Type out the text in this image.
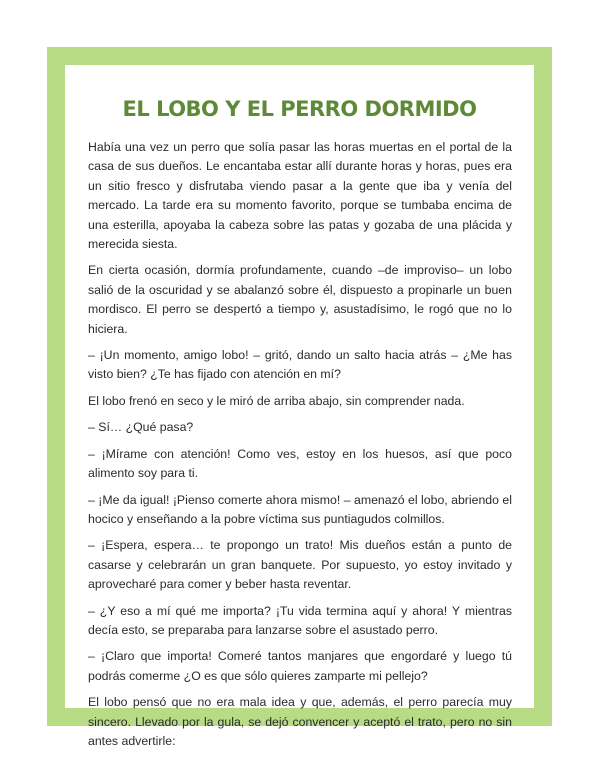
EL LOBO Y EL PERRO DORMIDO

Había una vez un perro que solía pasar las horas muertas en el portal de la casa de sus dueños. Le encantaba estar allí durante horas y horas, pues era un sitio fresco y disfrutaba viendo pasar a la gente que iba y venía del mercado. La tarde era su momento favorito, porque se tumbaba encima de una esterilla, apoyaba la cabeza sobre las patas y gozaba de una plácida y merecida siesta.

En cierta ocasión, dormía profundamente, cuando –de improviso– un lobo salió de la oscuridad y se abalanzó sobre él, dispuesto a propinarle un buen mordisco. El perro se despertó a tiempo y, asustadísimo, le rogó que no lo hiciera.

– ¡Un momento, amigo lobo! – gritó, dando un salto hacia atrás – ¿Me has visto bien? ¿Te has fijado con atención en mí?

El lobo frenó en seco y le miró de arriba abajo, sin comprender nada.

– Sí… ¿Qué pasa?

– ¡Mírame con atención! Como ves, estoy en los huesos, así que poco alimento soy para ti.

– ¡Me da igual! ¡Pienso comerte ahora mismo! – amenazó el lobo, abriendo el hocico y enseñando a la pobre víctima sus puntiagudos colmillos.

– ¡Espera, espera… te propongo un trato! Mis dueños están a punto de casarse y celebrarán un gran banquete. Por supuesto, yo estoy invitado y aprovecharé para comer y beber hasta reventar.

– ¿Y eso a mí qué me importa? ¡Tu vida termina aquí y ahora! Y mientras decía esto, se preparaba para lanzarse sobre el asustado perro.

– ¡Claro que importa! Comeré tantos manjares que engordaré y luego tú podrás comerme ¿O es que sólo quieres zamparte mi pellejo?

El lobo pensó que no era mala idea y que, además, el perro parecía muy sincero. Llevado por la gula, se dejó convencer y aceptó el trato, pero no sin antes advertirle:
